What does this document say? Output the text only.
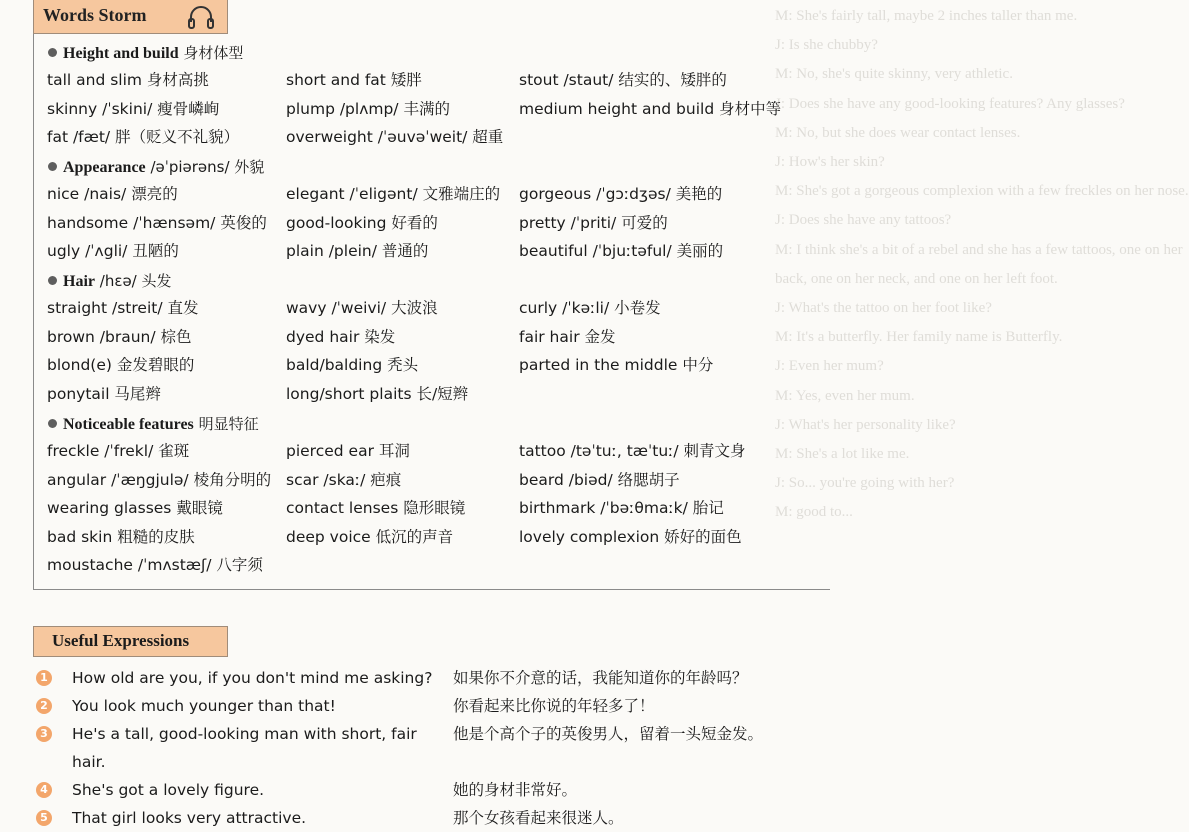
M: She's fairly tall, maybe 2 inches taller than me.
J: Is she chubby?
M: No, she's quite skinny, very athletic.
J: Does she have any good-looking features? Any glasses?
M: No, but she does wear contact lenses.
J: How's her skin?
M: She's got a gorgeous complexion with a few freckles on her nose.
J: Does she have any tattoos?
M: I think she's a bit of a rebel and she has a few tattoos, one on her
back, one on her neck, and one on her left foot.
J: What's the tattoo on her foot like?
M: It's a butterfly. Her family name is Butterfly.
J: Even her mum?
M: Yes, even her mum.
J: What's her personality like?
M: She's a lot like me.
J: So... you're going with her?
M: good to...
Words Storm
Height and build 身材体型
tall and slim 身材高挑	short and fat 矮胖	stout /staut/ 结实的、矮胖的
skinny /ˈskini/ 瘦骨嶙峋	plump /plʌmp/ 丰满的	medium height and build 身材中等
fat /fæt/ 胖（贬义不礼貌）	overweight /ˈəuvəˈweit/ 超重
Appearance /əˈpiərəns/ 外貌
nice /nais/ 漂亮的	elegant /ˈeligənt/ 文雅端庄的 gorgeous /ˈgɔːdʒəs/ 美艳的
handsome /ˈhænsəm/ 英俊的 good-looking 好看的	pretty /ˈpriti/ 可爱的
ugly /ˈʌgli/ 丑陋的	plain /plein/ 普通的	beautiful /ˈbjuːtəful/ 美丽的
Hair /hɛə/ 头发
straight /streit/ 直发	wavy /ˈweivi/ 大波浪	curly /ˈkəːli/ 小卷发
brown /braun/ 棕色	dyed hair 染发	fair hair 金发
blond(e) 金发碧眼的	bald/balding 秃头	parted in the middle 中分
ponytail 马尾辫	long/short plaits 长/短辫
Noticeable features 明显特征
freckle /ˈfrekl/ 雀斑	pierced ear 耳洞	tattoo /təˈtuː, tæˈtuː/ 刺青文身
angular /ˈæŋgjulə/ 棱角分明的 scar /skaː/ 疤痕	beard /biəd/ 络腮胡子
wearing glasses 戴眼镜	contact lenses 隐形眼镜	birthmark /ˈbəːθmaːk/ 胎记
bad skin 粗糙的皮肤	deep voice 低沉的声音	lovely complexion 娇好的面色
moustache /ˈmʌstæʃ/ 八字须
Useful Expressions
1 How old are you, if you don't mind me asking? 如果你不介意的话，我能知道你的年龄吗？
2 You look much younger than that!	你看起来比你说的年轻多了！
3 He's a tall, good-looking man with short, fair hair.
他是个高个子的英俊男人，留着一头短金发。
4 She's got a lovely figure.	她的身材非常好。
5 That girl looks very attractive.	那个女孩看起来很迷人。
